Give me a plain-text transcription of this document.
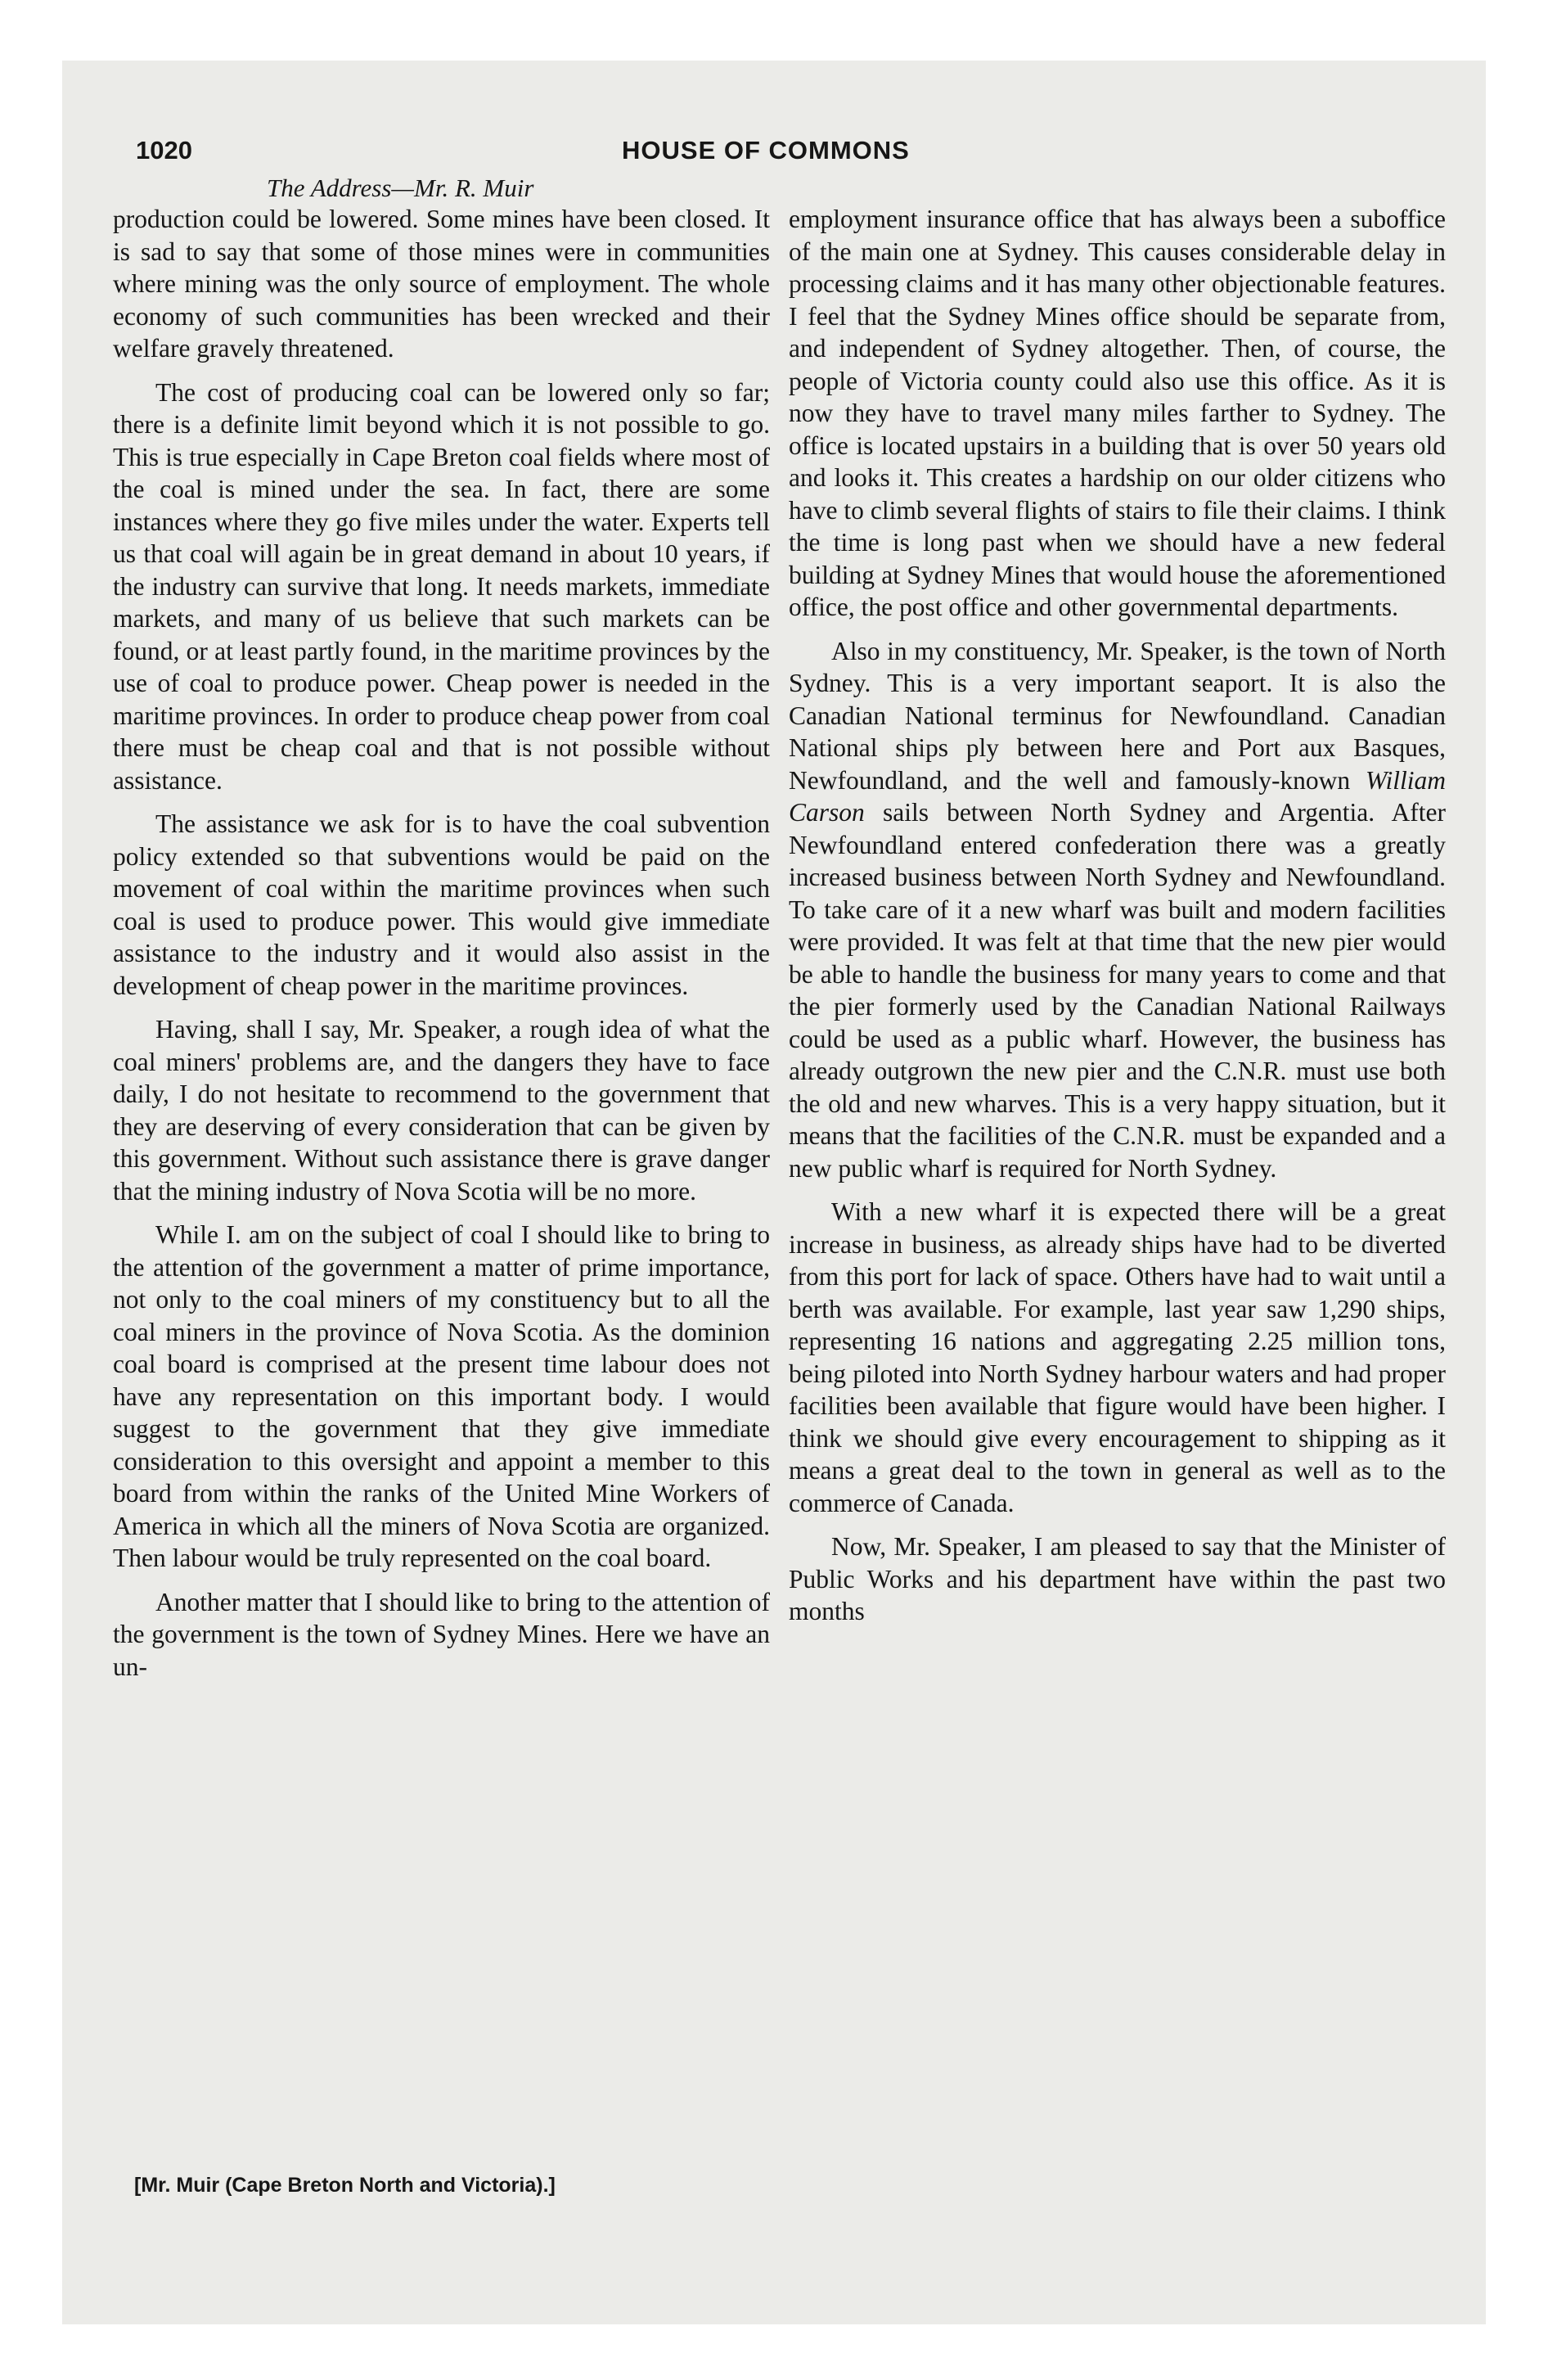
1020	HOUSE OF COMMONS
The Address—Mr. R. Muir

production could be lowered. Some mines have been closed. It is sad to say that some of those mines were in communities where mining was the only source of employment. The whole economy of such communities has been wrecked and their welfare gravely threatened.

The cost of producing coal can be lowered only so far; there is a definite limit beyond which it is not possible to go. This is true especially in Cape Breton coal fields where most of the coal is mined under the sea. In fact, there are some instances where they go five miles under the water. Experts tell us that coal will again be in great demand in about 10 years, if the industry can survive that long. It needs markets, immediate markets, and many of us believe that such markets can be found, or at least partly found, in the maritime provinces by the use of coal to produce power. Cheap power is needed in the maritime provinces. In order to produce cheap power from coal there must be cheap coal and that is not possible without assistance.

The assistance we ask for is to have the coal subvention policy extended so that subventions would be paid on the movement of coal within the maritime provinces when such coal is used to produce power. This would give immediate assistance to the industry and it would also assist in the development of cheap power in the maritime provinces.

Having, shall I say, Mr. Speaker, a rough idea of what the coal miners' problems are, and the dangers they have to face daily, I do not hesitate to recommend to the government that they are deserving of every consideration that can be given by this government. Without such assistance there is grave danger that the mining industry of Nova Scotia will be no more.

While I. am on the subject of coal I should like to bring to the attention of the government a matter of prime importance, not only to the coal miners of my constituency but to all the coal miners in the province of Nova Scotia. As the dominion coal board is comprised at the present time labour does not have any representation on this important body. I would suggest to the government that they give immediate consideration to this oversight and appoint a member to this board from within the ranks of the United Mine Workers of America in which all the miners of Nova Scotia are organized. Then labour would be truly represented on the coal board.

Another matter that I should like to bring to the attention of the government is the town of Sydney Mines. Here we have an un-

employment insurance office that has always been a suboffice of the main one at Sydney. This causes considerable delay in processing claims and it has many other objectionable features. I feel that the Sydney Mines office should be separate from, and independent of Sydney altogether. Then, of course, the people of Victoria county could also use this office. As it is now they have to travel many miles farther to Sydney. The office is located upstairs in a building that is over 50 years old and looks it. This creates a hardship on our older citizens who have to climb several flights of stairs to file their claims. I think the time is long past when we should have a new federal building at Sydney Mines that would house the aforementioned office, the post office and other governmental departments.

Also in my constituency, Mr. Speaker, is the town of North Sydney. This is a very important seaport. It is also the Canadian National terminus for Newfoundland. Canadian National ships ply between here and Port aux Basques, Newfoundland, and the well and famously-known William Carson sails between North Sydney and Argentia. After Newfoundland entered confederation there was a greatly increased business between North Sydney and Newfoundland. To take care of it a new wharf was built and modern facilities were provided. It was felt at that time that the new pier would be able to handle the business for many years to come and that the pier formerly used by the Canadian National Railways could be used as a public wharf. However, the business has already outgrown the new pier and the C.N.R. must use both the old and new wharves. This is a very happy situation, but it means that the facilities of the C.N.R. must be expanded and a new public wharf is required for North Sydney.

With a new wharf it is expected there will be a great increase in business, as already ships have had to be diverted from this port for lack of space. Others have had to wait until a berth was available. For example, last year saw 1,290 ships, representing 16 nations and aggregating 2.25 million tons, being piloted into North Sydney harbour waters and had proper facilities been available that figure would have been higher. I think we should give every encouragement to shipping as it means a great deal to the town in general as well as to the commerce of Canada.

Now, Mr. Speaker, I am pleased to say that the Minister of Public Works and his department have within the past two months

[Mr. Muir (Cape Breton North and Victoria).]
